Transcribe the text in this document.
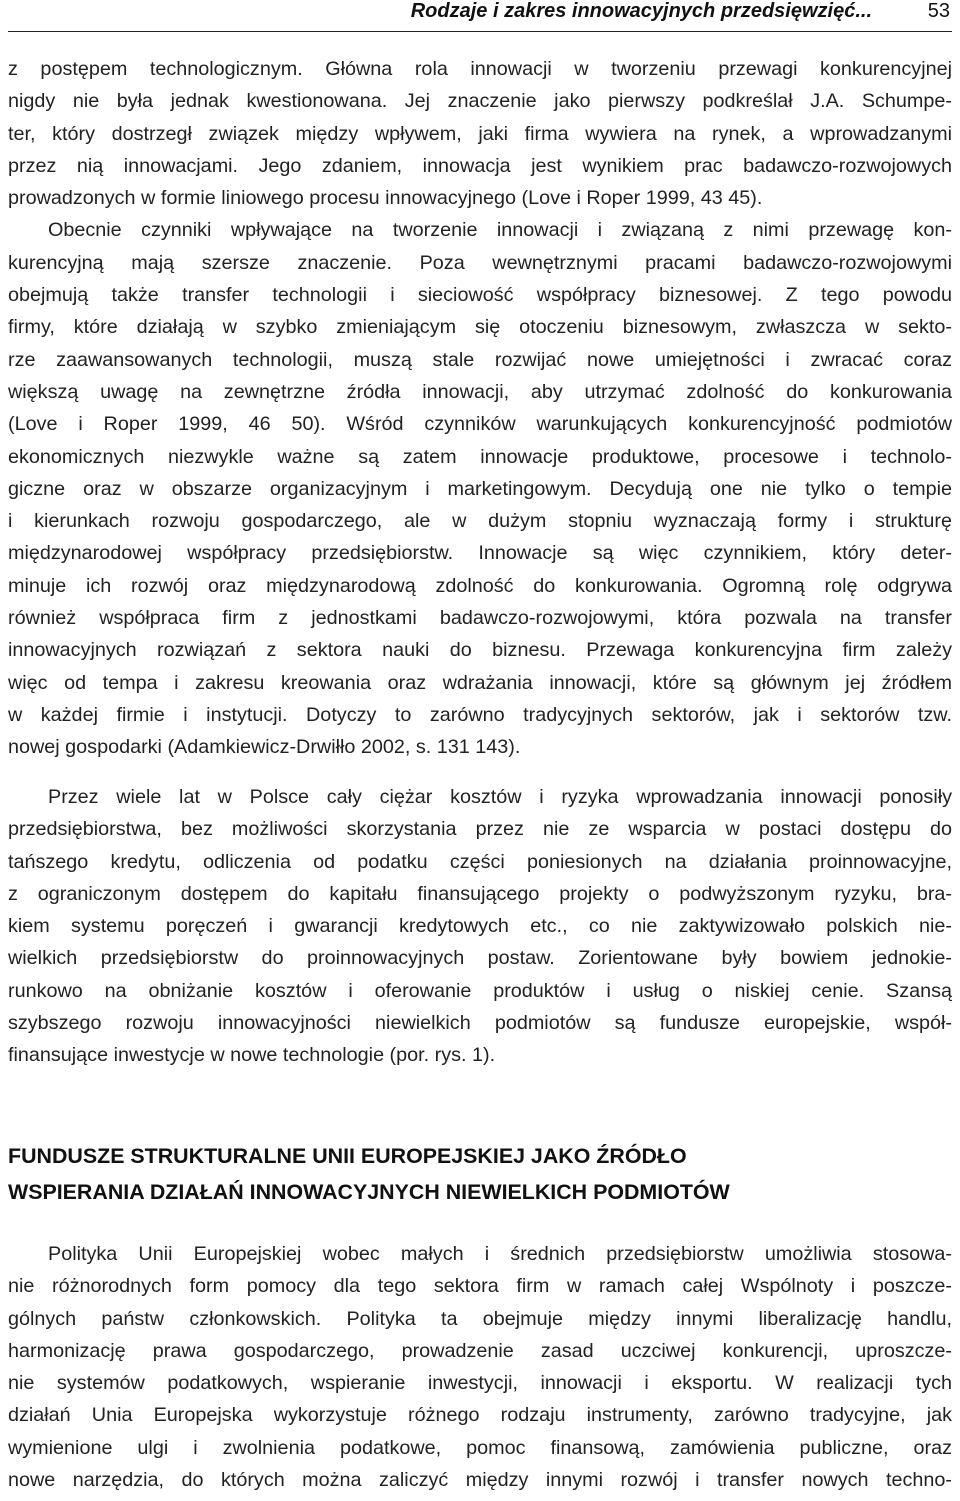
Rodzaje i zakres innowacyjnych przedsięwzięć...	53
z postępem technologicznym. Główna rola innowacji w tworzeniu przewagi konkurencyjnej
nigdy nie była jednak kwestionowana. Jej znaczenie jako pierwszy podkreślał J.A. Schumpe-
ter, który dostrzegł związek między wpływem, jaki firma wywiera na rynek, a wprowadzanymi
przez nią innowacjami. Jego zdaniem, innowacja jest wynikiem prac badawczo-rozwojowych
prowadzonych w formie liniowego procesu innowacyjnego (Love i Roper 1999, 43 45).
Obecnie czynniki wpływające na tworzenie innowacji i związaną z nimi przewagę kon-
kurencyjną mają szersze znaczenie. Poza wewnętrznymi pracami badawczo-rozwojowymi
obejmują także transfer technologii i sieciowość współpracy biznesowej. Z tego powodu
firmy, które działają w szybko zmieniającym się otoczeniu biznesowym, zwłaszcza w sekto-
rze zaawansowanych technologii, muszą stale rozwijać nowe umiejętności i zwracać coraz
większą uwagę na zewnętrzne źródła innowacji, aby utrzymać zdolność do konkurowania
(Love i Roper 1999, 46 50). Wśród czynników warunkujących konkurencyjność podmiotów
ekonomicznych niezwykle ważne są zatem innowacje produktowe, procesowe i technolo-
giczne oraz w obszarze organizacyjnym i marketingowym. Decydują one nie tylko o tempie
i kierunkach rozwoju gospodarczego, ale w dużym stopniu wyznaczają formy i strukturę
międzynarodowej współpracy przedsiębiorstw. Innowacje są więc czynnikiem, który deter-
minuje ich rozwój oraz międzynarodową zdolność do konkurowania. Ogromną rolę odgrywa
również współpraca firm z jednostkami badawczo-rozwojowymi, która pozwala na transfer
innowacyjnych rozwiązań z sektora nauki do biznesu. Przewaga konkurencyjna firm zależy
więc od tempa i zakresu kreowania oraz wdrażania innowacji, które są głównym jej źródłem
w każdej firmie i instytucji. Dotyczy to zarówno tradycyjnych sektorów, jak i sektorów tzw.
nowej gospodarki (Adamkiewicz-Drwiłło 2002, s. 131 143).
Przez wiele lat w Polsce cały ciężar kosztów i ryzyka wprowadzania innowacji ponosiły
przedsiębiorstwa, bez możliwości skorzystania przez nie ze wsparcia w postaci dostępu do
tańszego kredytu, odliczenia od podatku części poniesionych na działania proinnowacyjne,
z ograniczonym dostępem do kapitału finansującego projekty o podwyższonym ryzyku, bra-
kiem systemu poręczeń i gwarancji kredytowych etc., co nie zaktywizowało polskich nie-
wielkich przedsiębiorstw do proinnowacyjnych postaw. Zorientowane były bowiem jednokie-
runkowo na obniżanie kosztów i oferowanie produktów i usług o niskiej cenie. Szansą
szybszego rozwoju innowacyjności niewielkich podmiotów są fundusze europejskie, współ-
finansujące inwestycje w nowe technologie (por. rys. 1).
FUNDUSZE STRUKTURALNE UNII EUROPEJSKIEJ JAKO ŹRÓDŁO
WSPIERANIA DZIAŁAŃ INNOWACYJNYCH NIEWIELKICH PODMIOTÓW
Polityka Unii Europejskiej wobec małych i średnich przedsiębiorstw umożliwia stosowa-
nie różnorodnych form pomocy dla tego sektora firm w ramach całej Wspólnoty i poszcze-
gólnych państw członkowskich. Polityka ta obejmuje między innymi liberalizację handlu,
harmonizację prawa gospodarczego, prowadzenie zasad uczciwej konkurencji, uproszcze-
nie systemów podatkowych, wspieranie inwestycji, innowacji i eksportu. W realizacji tych
działań Unia Europejska wykorzystuje różnego rodzaju instrumenty, zarówno tradycyjne, jak
wymienione ulgi i zwolnienia podatkowe, pomoc finansową, zamówienia publiczne, oraz
nowe narzędzia, do których można zaliczyć między innymi rozwój i transfer nowych techno-
